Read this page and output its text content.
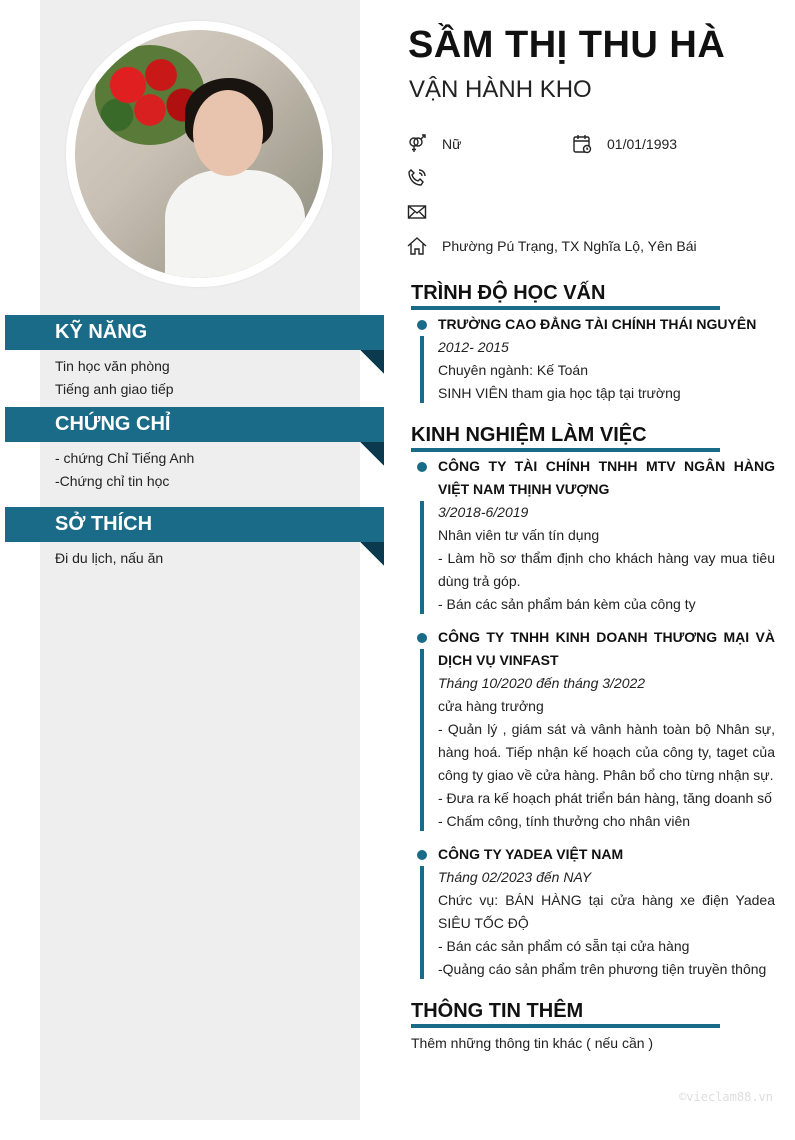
KỸ NĂNG
Tin học văn phòng
Tiếng anh giao tiếp
CHỨNG CHỈ
- chứng Chỉ Tiếng Anh
-Chứng chỉ tin học
SỞ THÍCH
Đi du lịch, nấu ăn
SẦM THỊ THU HÀ
VẬN HÀNH KHO
Nữ	01/01/1993
Phường Pú Trạng, TX Nghĩa Lộ, Yên Bái
TRÌNH ĐỘ HỌC VẤN
TRƯỜNG CAO ĐẲNG TÀI CHÍNH THÁI NGUYÊN
2012- 2015
Chuyên ngành: Kế Toán
SINH VIÊN tham gia học tập tại trường
KINH NGHIỆM LÀM VIỆC
CÔNG TY TÀI CHÍNH TNHH MTV NGÂN HÀNG VIỆT NAM THỊNH VƯỢNG
3/2018-6/2019
Nhân viên tư vấn tín dụng
- Làm hồ sơ thẩm định cho khách hàng vay mua tiêu dùng trả góp.
- Bán các sản phẩm bán kèm của công ty
CÔNG TY TNHH KINH DOANH THƯƠNG MẠI VÀ DỊCH VỤ VINFAST
Tháng 10/2020 đến tháng 3/2022
cửa hàng trưởng
- Quản lý , giám sát và vânh hành toàn bộ Nhân sự, hàng hoá. Tiếp nhận kế hoạch của công ty, taget của công ty giao về cửa hàng. Phân bổ cho từng nhận sự.
- Đưa ra kế hoạch phát triển bán hàng, tăng doanh số
- Chấm công, tính thưởng cho nhân viên
CÔNG TY YADEA VIỆT NAM
Tháng 02/2023 đến NAY
Chức vụ: BÁN HÀNG tại cửa hàng xe điện Yadea SIÊU TỐC ĐỘ
- Bán các sản phẩm có sẵn tại cửa hàng
-Quảng cáo sản phẩm trên phương tiện truyền thông
THÔNG TIN THÊM
Thêm những thông tin khác ( nếu cần )
©vieclam88.vn
